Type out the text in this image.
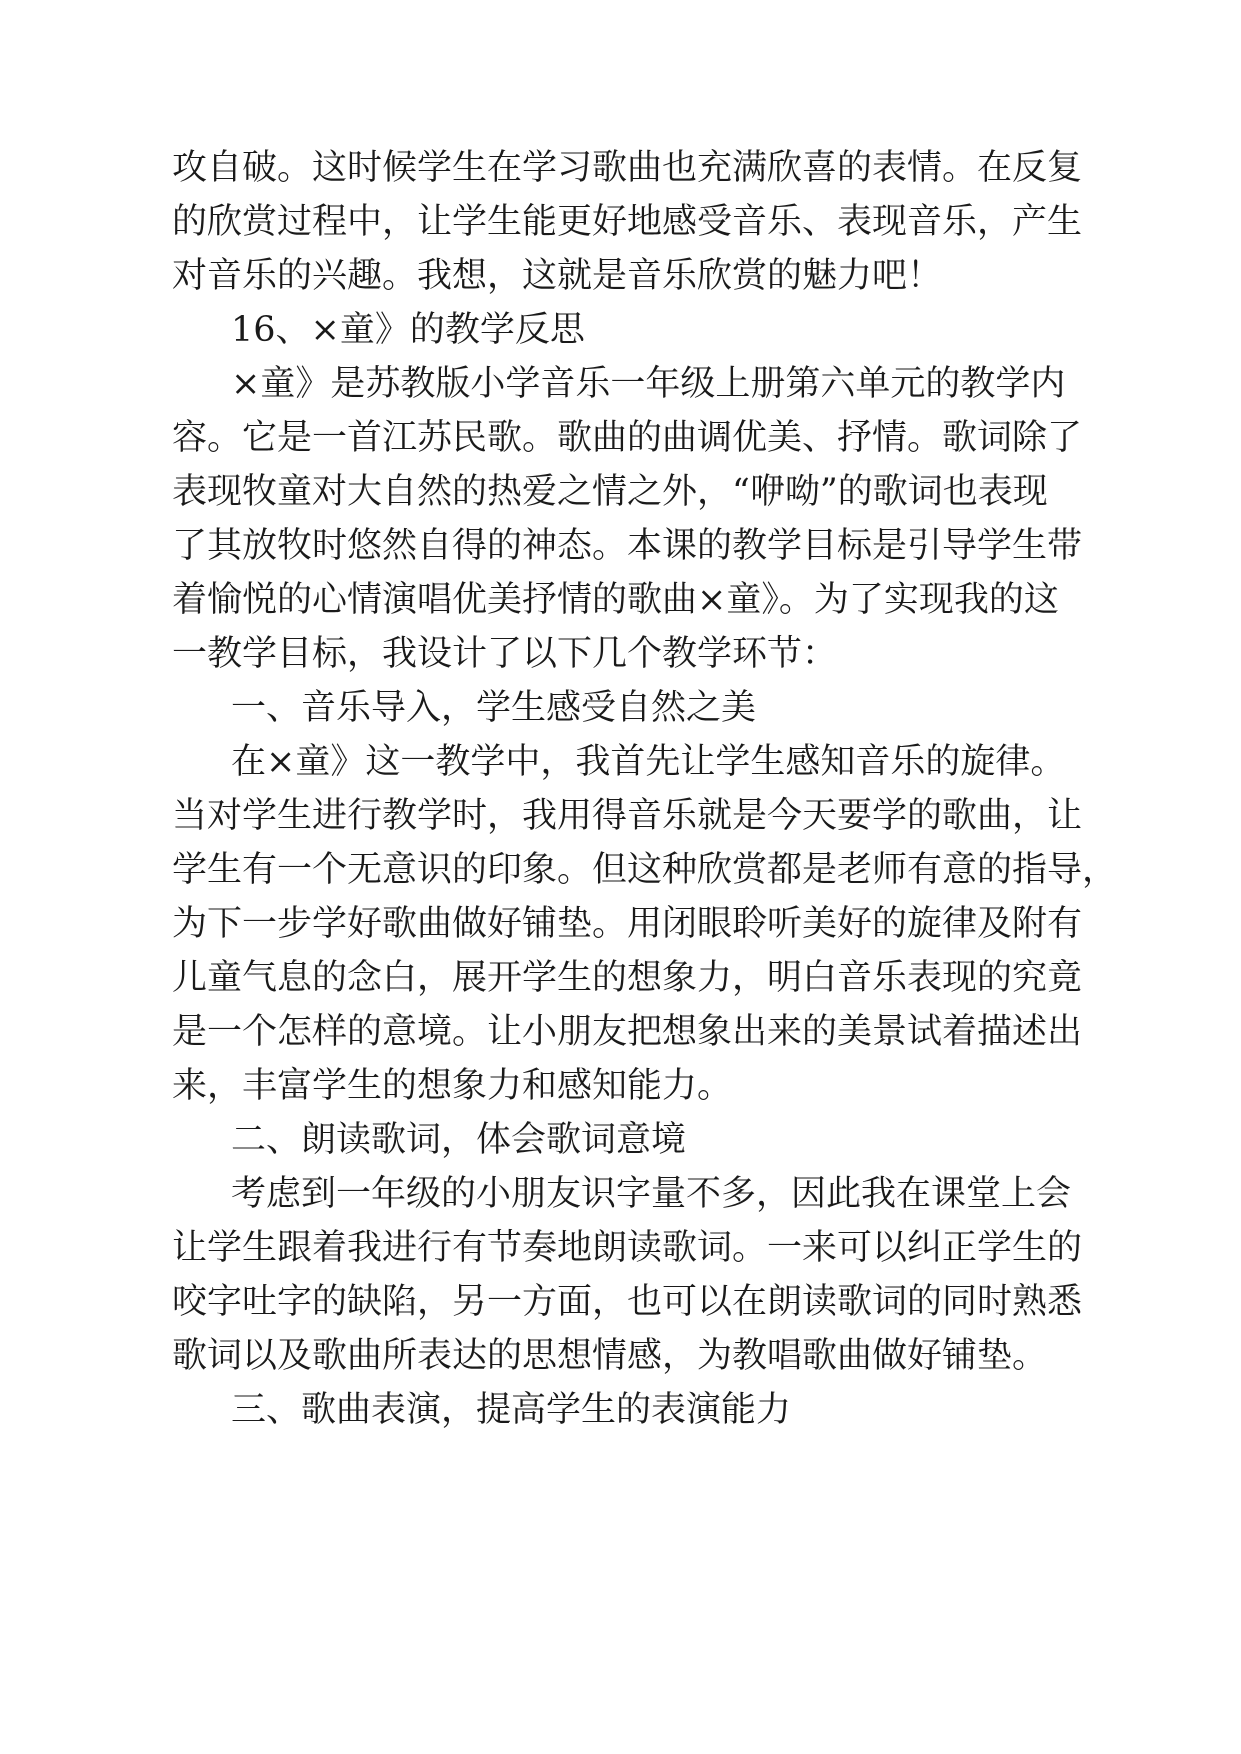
攻自破。这时候学生在学习歌曲也充满欣喜的表情。在反复

的欣赏过程中，让学生能更好地感受音乐、表现音乐，产生

对音乐的兴趣。我想，这就是音乐欣赏的魅力吧！

16、×童》的教学反思

×童》是苏教版小学音乐一年级上册第六单元的教学内

容。它是一首江苏民歌。歌曲的曲调优美、抒情。歌词除了

表现牧童对大自然的热爱之情之外，“咿呦”的歌词也表现

了其放牧时悠然自得的神态。本课的教学目标是引导学生带

着愉悦的心情演唱优美抒情的歌曲×童》。为了实现我的这

一教学目标，我设计了以下几个教学环节：

一、音乐导入，学生感受自然之美

在×童》这一教学中，我首先让学生感知音乐的旋律。

当对学生进行教学时，我用得音乐就是今天要学的歌曲，让

学生有一个无意识的印象。但这种欣赏都是老师有意的指导，

为下一步学好歌曲做好铺垫。用闭眼聆听美好的旋律及附有

儿童气息的念白，展开学生的想象力，明白音乐表现的究竟

是一个怎样的意境。让小朋友把想象出来的美景试着描述出

来，丰富学生的想象力和感知能力。

二、朗读歌词，体会歌词意境

考虑到一年级的小朋友识字量不多，因此我在课堂上会

让学生跟着我进行有节奏地朗读歌词。一来可以纠正学生的

咬字吐字的缺陷，另一方面，也可以在朗读歌词的同时熟悉

歌词以及歌曲所表达的思想情感，为教唱歌曲做好铺垫。

三、歌曲表演，提高学生的表演能力
